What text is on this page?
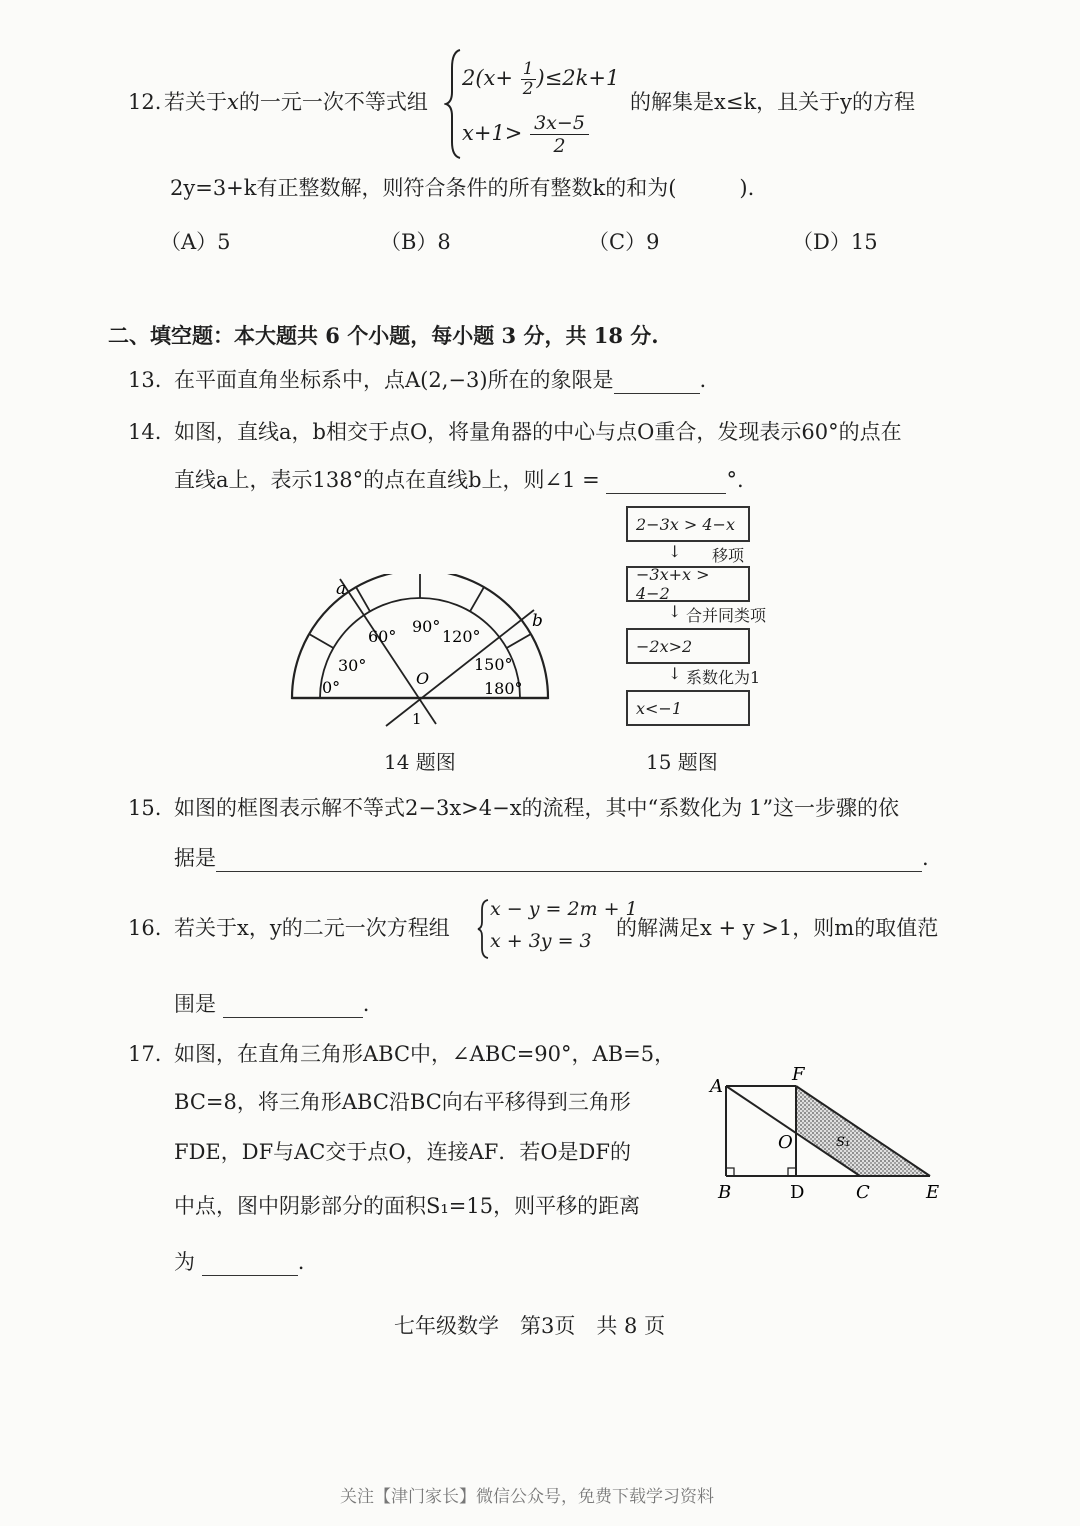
12. 若关于x的一元一次不等式组
$2(x+ \frac{1}{2} )\le 2k+1$
$x+1> \frac{3x-5}{2}$
的解集是x≤k，且关于y的方程
2y=3+k有正整数解，则符合条件的所有整数k的和为(　　　).
（A）5	（B）8	（C）9	（D）15
二、填空题：本大题共 6 个小题，每小题 3 分，共 18 分.
13. 在平面直角坐标系中，点A(2,−3)所在的象限是	.
14. 如图，直线a，b相交于点O，将量角器的中心与点O重合，发现表示60°的点在
直线a上，表示138°的点在直线b上，则∠1 =	°.
a
b
0°
30°
60°
90°
120°
150°
180°
O
1
14 题图
2−3x > 4−x
↓ 移项
−3x+x > 4−2
↓ 合并同类项
−2x>2
↓ 系数化为1
x<−1
15 题图
15. 如图的框图表示解不等式2−3x>4−x的流程，其中“系数化为 1”这一步骤的依
据是	.
16. 若关于x，y的二元一次方程组
x − y = 2m + 1
x + 3y = 3
的解满足x + y >1，则m的取值范
围是	.
17. 如图，在直角三角形ABC中，∠ABC=90°，AB=5，
BC=8，将三角形ABC沿BC向右平移得到三角形
FDE，DF与AC交于点O，连接AF．若O是DF的
中点，图中阴影部分的面积S₁=15，则平移的距离
为	.
A
F
O	S₁
B	D	C	E
七年级数学　第3页　共 8 页
关注【津门家长】微信公众号，免费下载学习资料
